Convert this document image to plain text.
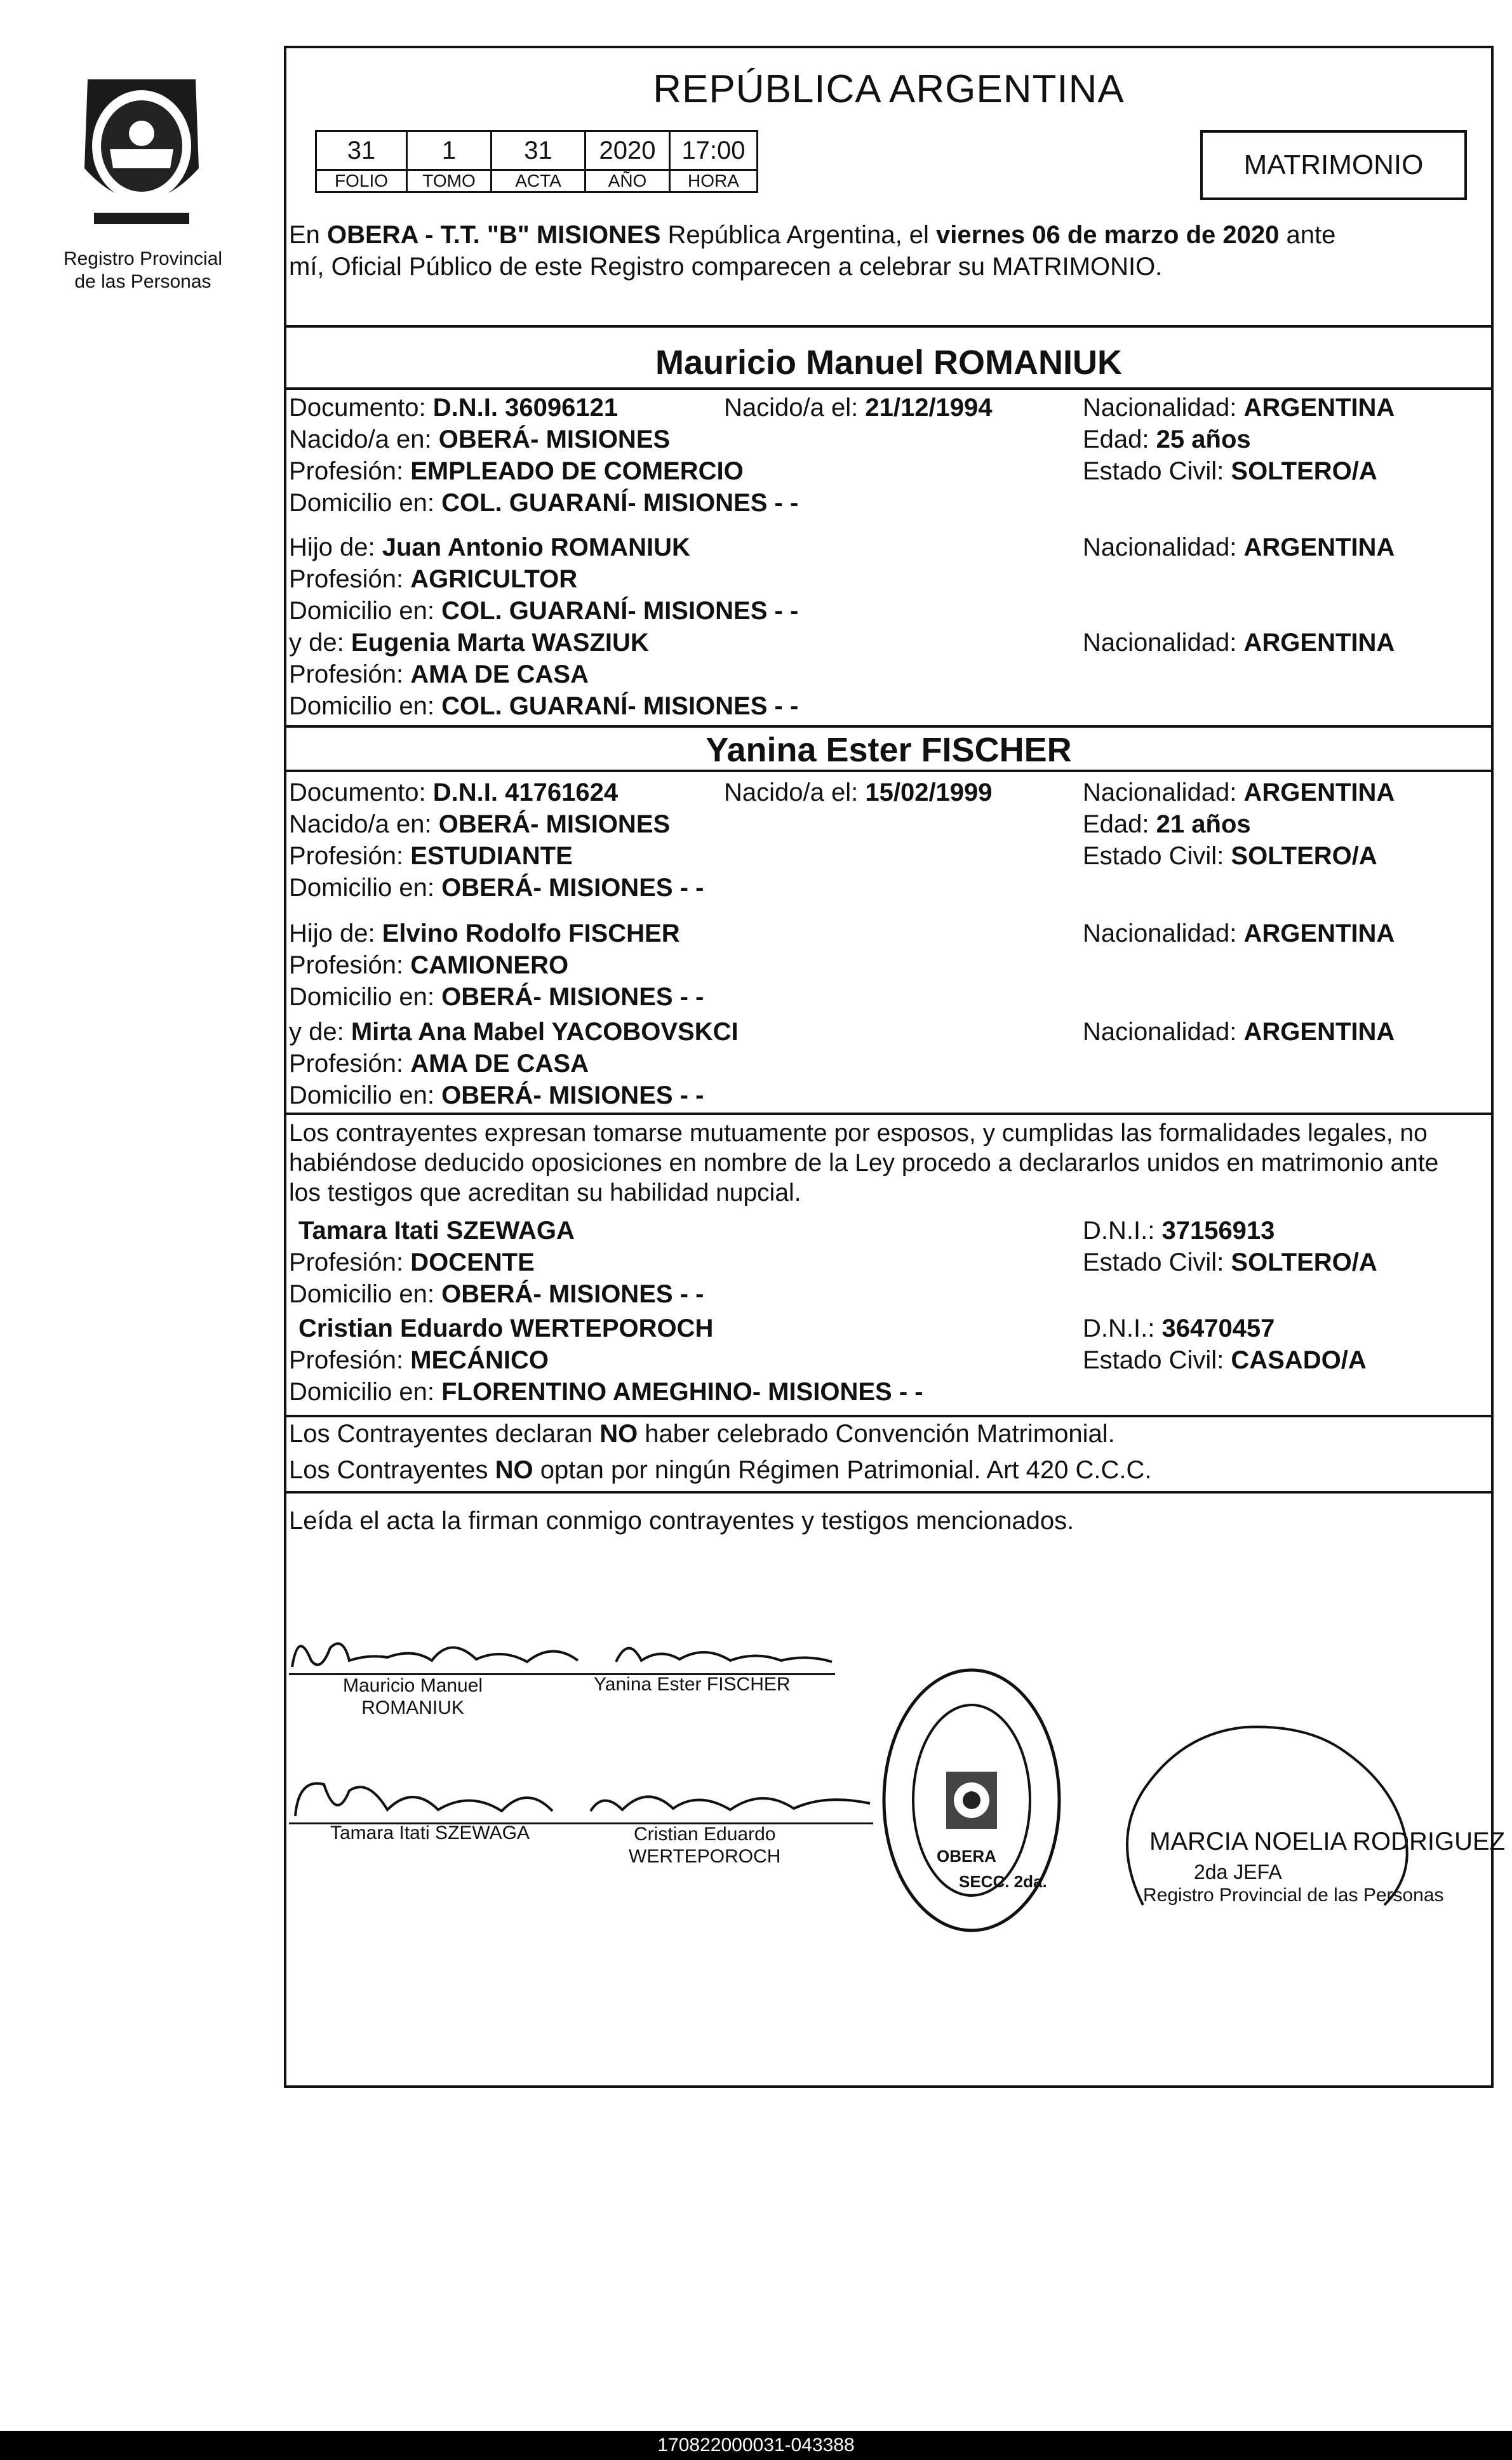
Registro Provincial
de las Personas
REPÚBLICA ARGENTINA
31	1	31	2020	17:00
FOLIO	TOMO	ACTA	AÑO	HORA
MATRIMONIO
En OBERA - T.T. "B" MISIONES República Argentina, el viernes 06 de marzo de 2020 ante
mí, Oficial Público de este Registro comparecen a celebrar su MATRIMONIO.
Mauricio Manuel ROMANIUK
Documento: D.N.I. 36096121	Nacido/a el: 21/12/1994	Nacionalidad: ARGENTINA
Nacido/a en: OBERÁ- MISIONES	Edad: 25 años
Profesión: EMPLEADO DE COMERCIO	Estado Civil: SOLTERO/A
Domicilio en: COL. GUARANÍ- MISIONES - -
Hijo de: Juan Antonio ROMANIUK	Nacionalidad: ARGENTINA
Profesión: AGRICULTOR
Domicilio en: COL. GUARANÍ- MISIONES - -
y de: Eugenia Marta WASZIUK	Nacionalidad: ARGENTINA
Profesión: AMA DE CASA
Domicilio en: COL. GUARANÍ- MISIONES - -
Yanina Ester FISCHER
Documento: D.N.I. 41761624	Nacido/a el: 15/02/1999	Nacionalidad: ARGENTINA
Nacido/a en: OBERÁ- MISIONES	Edad: 21 años
Profesión: ESTUDIANTE	Estado Civil: SOLTERO/A
Domicilio en: OBERÁ- MISIONES - -
Hijo de: Elvino Rodolfo FISCHER	Nacionalidad: ARGENTINA
Profesión: CAMIONERO
Domicilio en: OBERÁ- MISIONES - -
y de: Mirta Ana Mabel YACOBOVSKCI	Nacionalidad: ARGENTINA
Profesión: AMA DE CASA
Domicilio en: OBERÁ- MISIONES - -
Los contrayentes expresan tomarse mutuamente por esposos, y cumplidas las formalidades legales, no
habiéndose deducido oposiciones en nombre de la Ley procedo a declararlos unidos en matrimonio ante
los testigos que acreditan su habilidad nupcial.
Tamara Itati SZEWAGA	D.N.I.: 37156913
Profesión: DOCENTE	Estado Civil: SOLTERO/A
Domicilio en: OBERÁ- MISIONES - -
Cristian Eduardo WERTEPOROCH	D.N.I.: 36470457
Profesión: MECÁNICO	Estado Civil: CASADO/A
Domicilio en: FLORENTINO AMEGHINO- MISIONES - -
Los Contrayentes declaran NO haber celebrado Convención Matrimonial.
Los Contrayentes NO optan por ningún Régimen Patrimonial. Art 420 C.C.C.
Leída el acta la firman conmigo contrayentes y testigos mencionados.
Mauricio Manuel
ROMANIUK
Yanina Ester FISCHER
Tamara Itati SZEWAGA	Cristian Eduardo
WERTEPOROCH	OBERA
SECC. 2da.
MARCIA NOELIA RODRIGUEZ
2da JEFA
Registro Provincial de las Personas
170822000031-043388
